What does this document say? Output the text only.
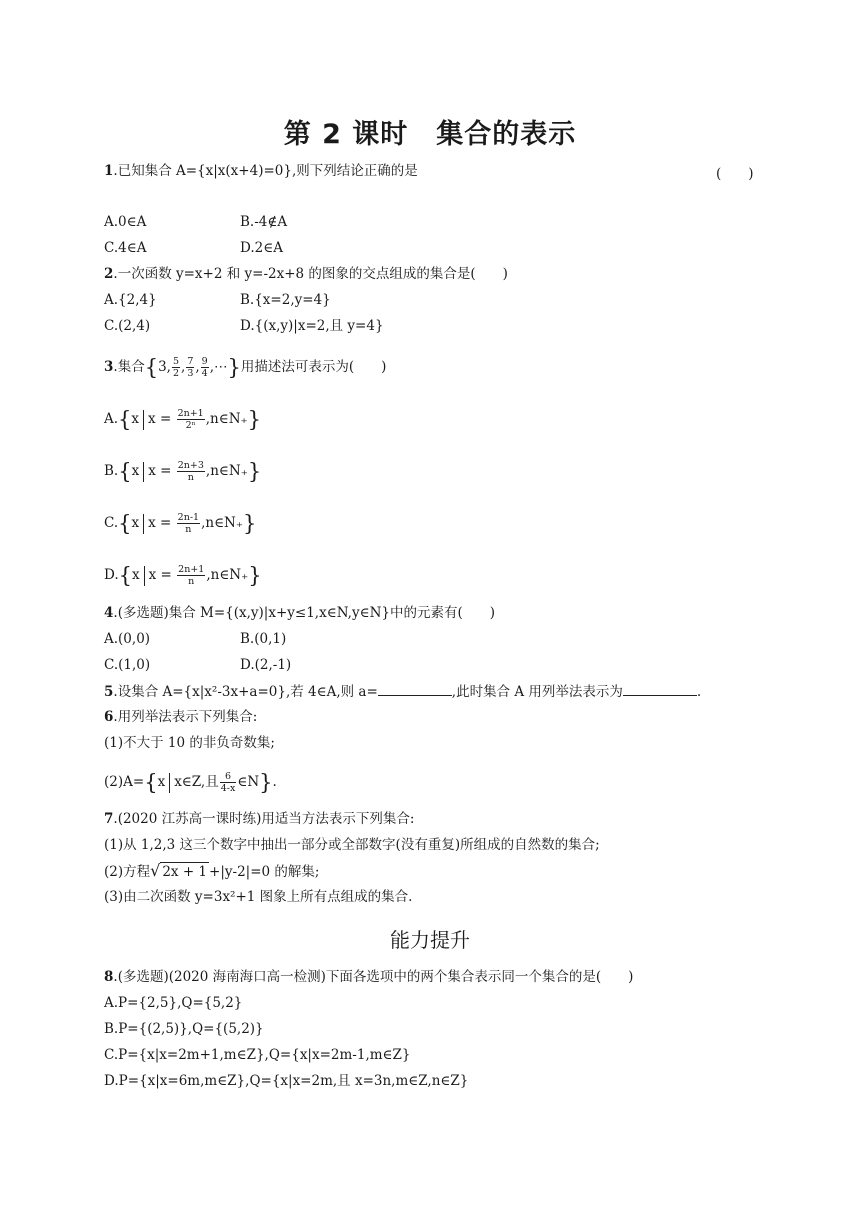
第 2 课时　集合的表示
1.已知集合 A={x|x(x+4)=0},则下列结论正确的是	(　　)
A.0∈A	B.-4∉A
C.4∈A	D.2∈A
2.一次函数 y=x+2 和 y=-2x+8 的图象的交点组成的集合是(　　)
A.{2,4}	B.{x=2,y=4}
C.(2,4)	D.{(x,y)|x=2,且 y=4}
3.集合{3, $\frac{5}{2}$ , $\frac{7}{3}$ , $\frac{9}{4}$ ,⋯}用描述法可表示为(　　)
A.{x $x = \frac{2n+1}{\text{2ⁿ}}$ ,n∈N₊}
B.{x $x = \frac{2n+3}{n}$ ,n∈N₊}
C.{x $x = \frac{2n-1}{n}$ ,n∈N₊}
D.{x $x = \frac{2n+1}{n}$ ,n∈N₊}
4.(多选题)集合 M={(x,y)|x+y≤1,x∈N,y∈N}中的元素有(　　)
A.(0,0)	B.(0,1)
C.(1,0)	D.(2,-1)
5.设集合 A={x|x²-3x+a=0},若 4∈A,则 a=	,此时集合 A 用列举法表示为	.
6.用列举法表示下列集合:
(1)不大于 10 的非负奇数集;
(2)A={x x∈Z,且 $\frac{6}{4-x}$ ∈N}.
7.(2020 江苏高一课时练)用适当方法表示下列集合:
(1)从 1,2,3 这三个数字中抽出一部分或全部数字(没有重复)所组成的自然数的集合;
(2)方程√ 2x + 1 +|y-2|=0 的解集;
(3)由二次函数 y=3x²+1 图象上所有点组成的集合.
能力提升
8.(多选题)(2020 海南海口高一检测)下面各选项中的两个集合表示同一个集合的是(　　)
A.P={2,5},Q={5,2}
B.P={(2,5)},Q={(5,2)}
C.P={x|x=2m+1,m∈Z},Q={x|x=2m-1,m∈Z}
D.P={x|x=6m,m∈Z},Q={x|x=2m,且 x=3n,m∈Z,n∈Z}
